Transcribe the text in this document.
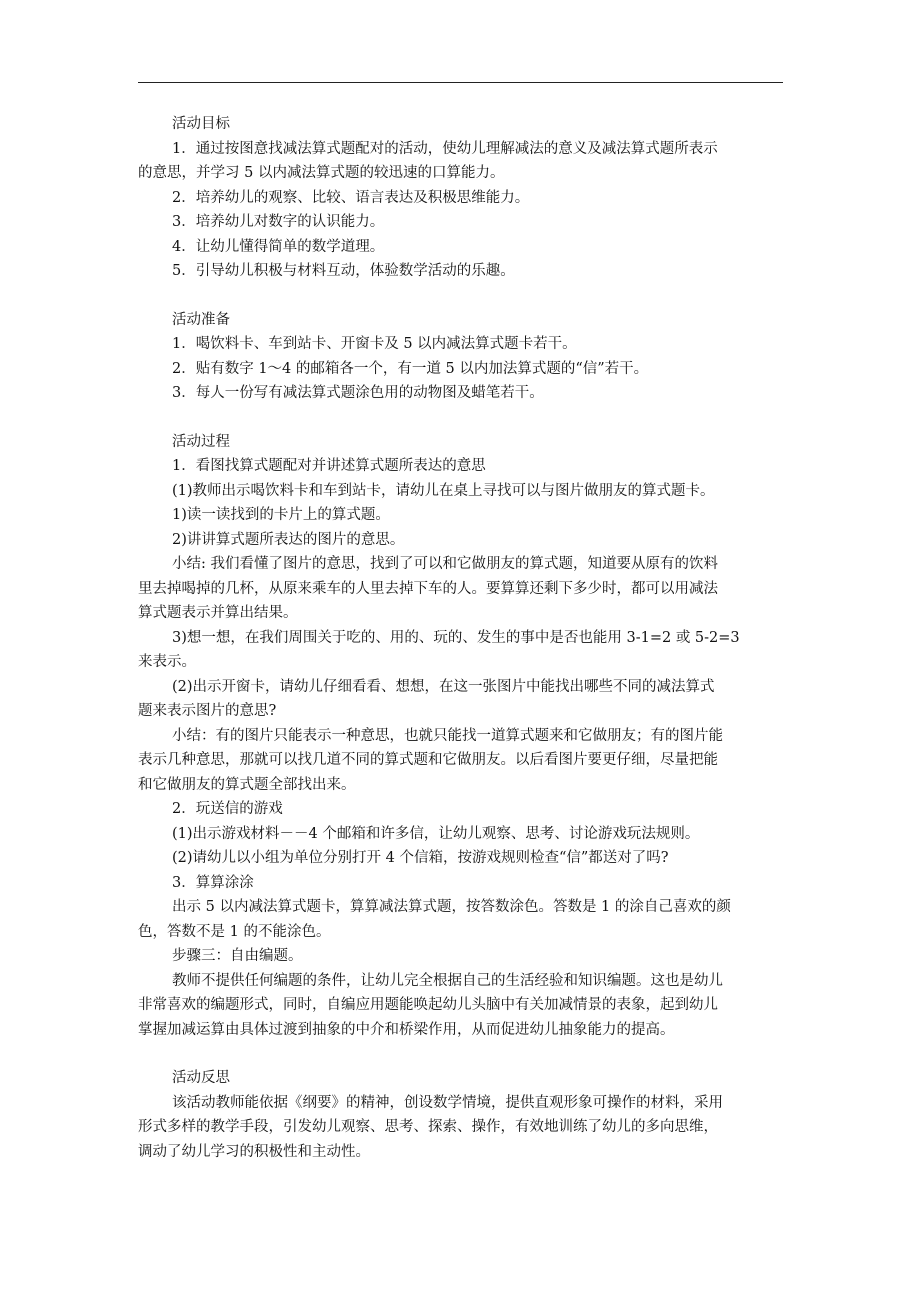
活动目标

1．通过按图意找减法算式题配对的活动，使幼儿理解减法的意义及减法算式题所表示

的意思，并学习 5 以内减法算式题的较迅速的口算能力。

2．培养幼儿的观察、比较、语言表达及积极思维能力。

3．培养幼儿对数字的认识能力。

4．让幼儿懂得简单的数学道理。

5．引导幼儿积极与材料互动，体验数学活动的乐趣。

活动准备

1．喝饮料卡、车到站卡、开窗卡及 5 以内减法算式题卡若干。

2．贴有数字 1～4 的邮箱各一个，有一道 5 以内加法算式题的“信”若干。

3．每人一份写有减法算式题涂色用的动物图及蜡笔若干。

活动过程

1．看图找算式题配对并讲述算式题所表达的意思

(1)教师出示喝饮料卡和车到站卡，请幼儿在桌上寻找可以与图片做朋友的算式题卡。

1)读一读找到的卡片上的算式题。

2)讲讲算式题所表达的图片的意思。

小结: 我们看懂了图片的意思，找到了可以和它做朋友的算式题，知道要从原有的饮料

里去掉喝掉的几杯，从原来乘车的人里去掉下车的人。要算算还剩下多少时，都可以用减法

算式题表示并算出结果。

3)想一想，在我们周围关于吃的、用的、玩的、发生的事中是否也能用 3-1=2 或 5-2=3

来表示。

(2)出示开窗卡，请幼儿仔细看看、想想，在这一张图片中能找出哪些不同的减法算式

题来表示图片的意思?

小结：有的图片只能表示一种意思，也就只能找一道算式题来和它做朋友；有的图片能

表示几种意思，那就可以找几道不同的算式题和它做朋友。以后看图片要更仔细，尽量把能

和它做朋友的算式题全部找出来。

2．玩送信的游戏

(1)出示游戏材料－－4 个邮箱和许多信，让幼儿观察、思考、讨论游戏玩法规则。

(2)请幼儿以小组为单位分别打开 4 个信箱，按游戏规则检查“信”都送对了吗?

3．算算涂涂

出示 5 以内减法算式题卡，算算减法算式题，按答数涂色。答数是 1 的涂自己喜欢的颜

色，答数不是 1 的不能涂色。

步骤三：自由编题。

教师不提供任何编题的条件，让幼儿完全根据自己的生活经验和知识编题。这也是幼儿

非常喜欢的编题形式，同时，自编应用题能唤起幼儿头脑中有关加减情景的表象，起到幼儿

掌握加减运算由具体过渡到抽象的中介和桥梁作用，从而促进幼儿抽象能力的提高。

活动反思

该活动教师能依据《纲要》的精神，创设数学情境，提供直观形象可操作的材料，采用

形式多样的教学手段，引发幼儿观察、思考、探索、操作，有效地训练了幼儿的多向思维，

调动了幼儿学习的积极性和主动性。
